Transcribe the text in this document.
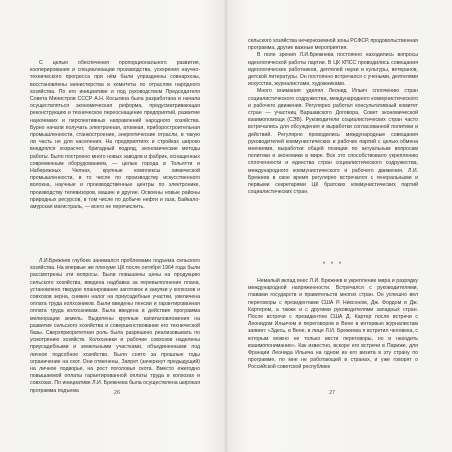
С целью обеспечения пропорционального развития, кооперирования и специализации производства, ускорения научно-технического прогресса при нём были упразднены совнархозы, восстановлены министерства и комитеты по отраслям народного хозяйства. По его инициативе и под руководством Председателя Совета Министров СССР А.Н. Косыгина была разработана и начала осуществляться экономическая реформа, предусматривающая реконструкцию и техническое переоснащение предприятий, развитие наукоемких и перспективных направлений народного хозяйства. Бурно начали получать электронная, атомная, приборостроительная промышленности, станкостроение, энергетические отрасли, в такую ли часть не для населения. На предприятиях и стройках широко внедрялся хозрасчет, бригадный подряд, экономические методы работы. Было построено много новых заводов и фабрик, оснащенных современным оборудованием, — целые города в Тольятти и Набережных Челнах, крупные комплексы химической промышленности, в то числе по производству искусственного волокна, научные и производственные центры по электронике, производству телевизоров, машин и другие. Освоены новые районы природных ресурсов, в том числе по добыче нефти и газа, Байкало-амурская магистраль, — всего не перечислить.

Л.И.Брежнев глубоко занимался проблемами подъема сельского хозяйства. На впервые же пленуме ЦК после октября 1964 года были рассмотрены эти вопросы. Были повышены цены на продукцию сельского хозяйства, введена надбавка за перевыполнение плана, установлено твердое планирование заготовок и закупки у колхозов и совхозов зерна, снижен налог на приусадебные участки, увеличена оплата труда колхозников. Были введены пенсии и гарантированная оплата труда колхозникам. Была введена в действие программа мелиорации земель. Выделены крупные капиталовложения на развитие сельского хозяйства и совершенствование его технической базы. Сверхприоритетная роль была разрешено реализовывать по усмотрению хозяйств. Колхозники и рабочие совхозов наделены приусадебными и земельными участками, объединенными под личное подсобное хозяйство. Было снято за прошлые годы ограничение на скот. Они отменены, Запрет (зачеркнут предыдущий) на личное подворье, на рост поголовья скота. Вместо ежегодно повышаемой оплаты гарантированной оплаты труда в колхозах и совхозах. По инициативе Л.И. Брежнева была осуществлена широкая программа подъема	26

сельского хозяйства нечерноземной зоны РСФСР, продовольственная программа, другие важные мероприятия.

В поле зрения Л.И.Брежнева постоянно находились вопросы идеологической работы партии. В ЦК КПСС проводились совещания идеологических работников, деятелей науки и культуры, ветеранов, детской литературы. Он постоянно встречался с учеными, деятелями искусства, журналистами, художниками.

Много внимания уделял Леонид Ильич сплочению стран социалистического содружества, международного коммунистического и рабочего движения. Регулярно работал консультативный комитет стран — участниц Варшавского Договора, Совет экономической взаимопомощи (СЭВ). Руководители социалистических стран часто встречались для обсуждения и выработки согласованной политики и действий. Регулярно проводились международные совещания руководителей коммунистических и рабочих партий с целью обмена мнениями, выработки общей позиции по актуальным вопросам политики и экономики в мире. Все это способствовало укреплению сплоченности и единства стран социалистического содружества, международного коммунистического и рабочего движения. Л.И. Брежнев в свое время регулярно встречался с генеральными и первыми секретарями ЦК братских коммунистических партий социалистических стран.

* * *

Немалый вклад внес Л.И. Брежнев в укрепление мира и разрядку международной напряженности. Встречался с руководителями, главами государств и правительств многих стран. Он успешно вел переговоры с президентами США Р. Никсоном, Дж. Фордом и Дж. Картером, а также и с другими руководителями западных стран. После встречи с президентом США Д. Картер после встречи с Леонидом Ильичом и переговоров в Вене в интервью журналистам заявил: «Здесь, в Вене, в лице Л.И. Брежнева я встретил человека, с которым можно не только вести переговоры, но и находить взаимопонимание». Как известно, вскоре его встречи в Париже, для Франции Леонида Ильича на одном из его визита в эту страну по программе, по мне не работающей в странах, и уже говорят о Российской советской республике

27
